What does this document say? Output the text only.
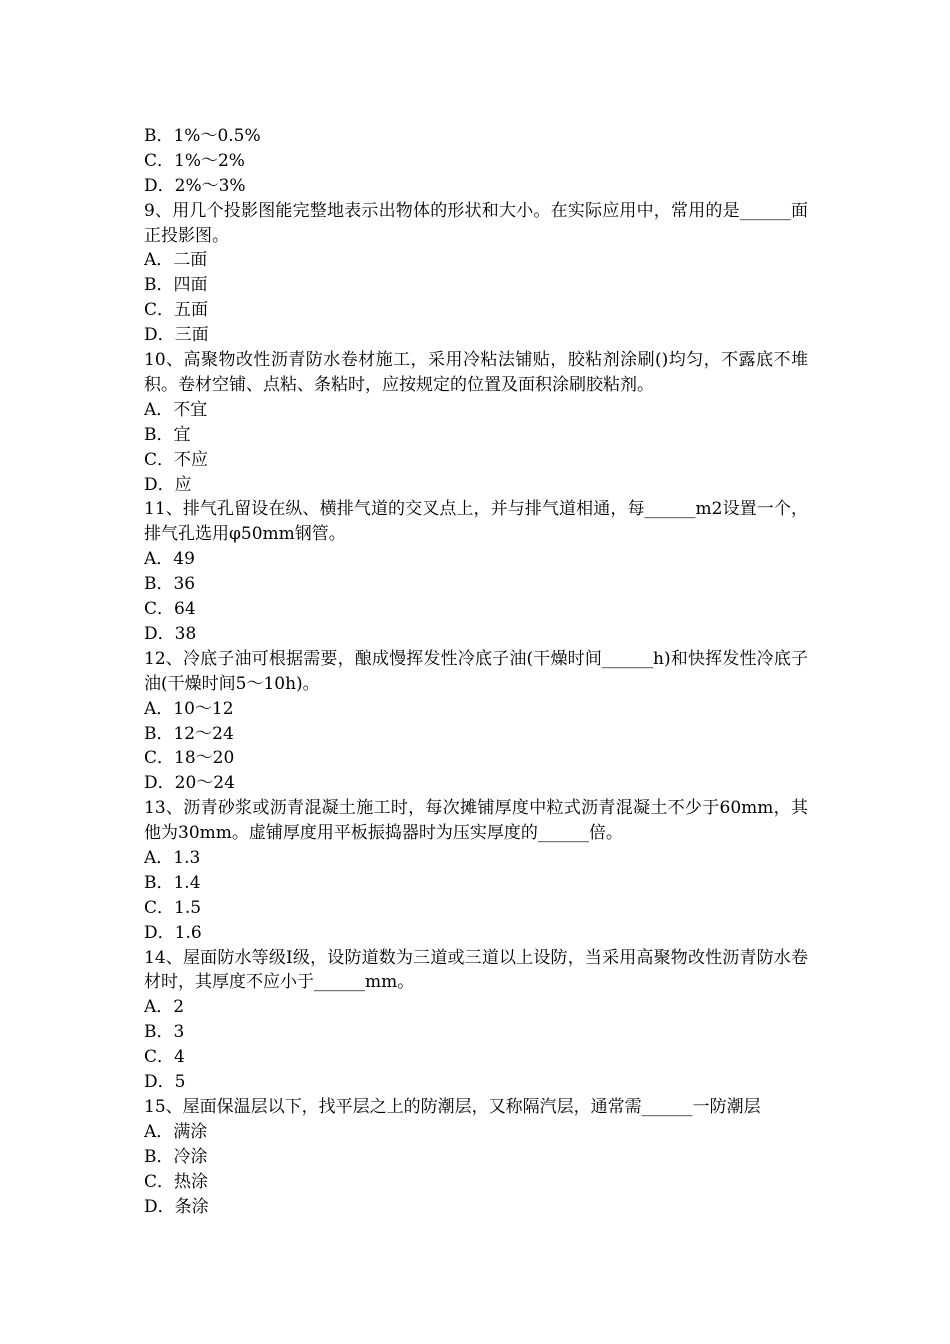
B．1%～0.5%
C．1%～2%
D．2%～3%
9、用几个投影图能完整地表示出物体的形状和大小。在实际应用中，常用的是______面正投影图。
A．二面
B．四面
C．五面
D．三面
10、高聚物改性沥青防水卷材施工，采用冷粘法铺贴，胶粘剂涂刷()均匀，不露底不堆积。卷材空铺、点粘、条粘时，应按规定的位置及面积涂刷胶粘剂。
A．不宜
B．宜
C．不应
D．应
11、排气孔留设在纵、横排气道的交叉点上，并与排气道相通，每______m2设置一个，排气孔选用φ50mm钢管。
A．49
B．36
C．64
D．38
12、冷底子油可根据需要，酿成慢挥发性冷底子油(干燥时间______h)和快挥发性冷底子油(干燥时间5～10h)。
A．10～12
B．12～24
C．18～20
D．20～24
13、沥青砂浆或沥青混凝土施工时，每次摊铺厚度中粒式沥青混凝土不少于60mm，其他为30mm。虚铺厚度用平板振捣器时为压实厚度的______倍。
A．1.3
B．1.4
C．1.5
D．1.6
14、屋面防水等级Ⅰ级，设防道数为三道或三道以上设防，当采用高聚物改性沥青防水卷材时，其厚度不应小于______mm。
A．2
B．3
C．4
D．5
15、屋面保温层以下，找平层之上的防潮层，又称隔汽层，通常需______一防潮层
A．满涂
B．冷涂
C．热涂
D．条涂
